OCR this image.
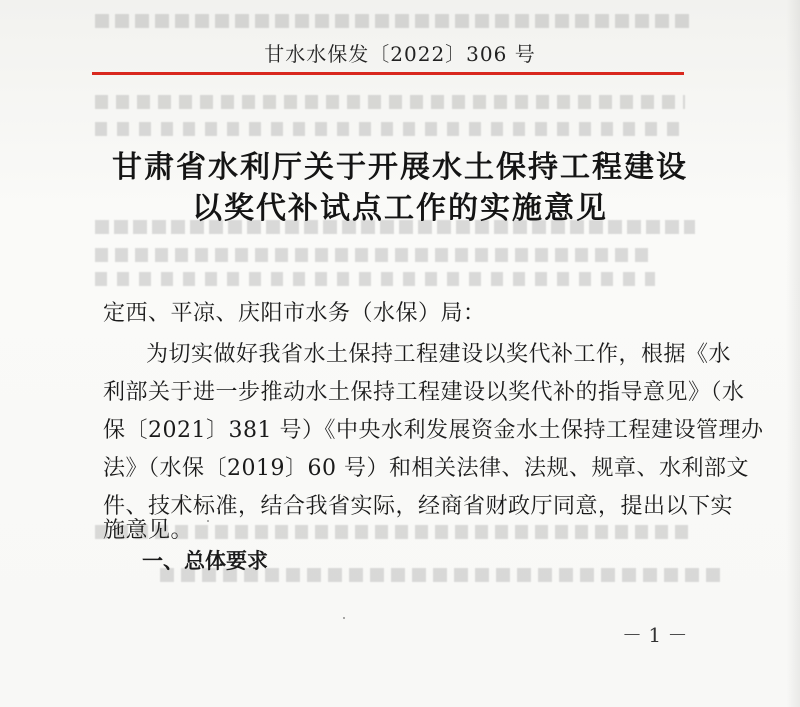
甘水水保发〔2022〕306 号
甘肃省水利厅关于开展水土保持工程建设
以奖代补试点工作的实施意见
定西、平凉、庆阳市水务（水保）局：
为切实做好我省水土保持工程建设以奖代补工作，根据《水
利部关于进一步推动水土保持工程建设以奖代补的指导意见》（水
保〔2021〕381 号）《中央水利发展资金水土保持工程建设管理办
法》（水保〔2019〕60 号）和相关法律、法规、规章、水利部文
件、技术标准，结合我省实际，经商省财政厅同意，提出以下实
施意见。
一、总体要求
－ 1 －
